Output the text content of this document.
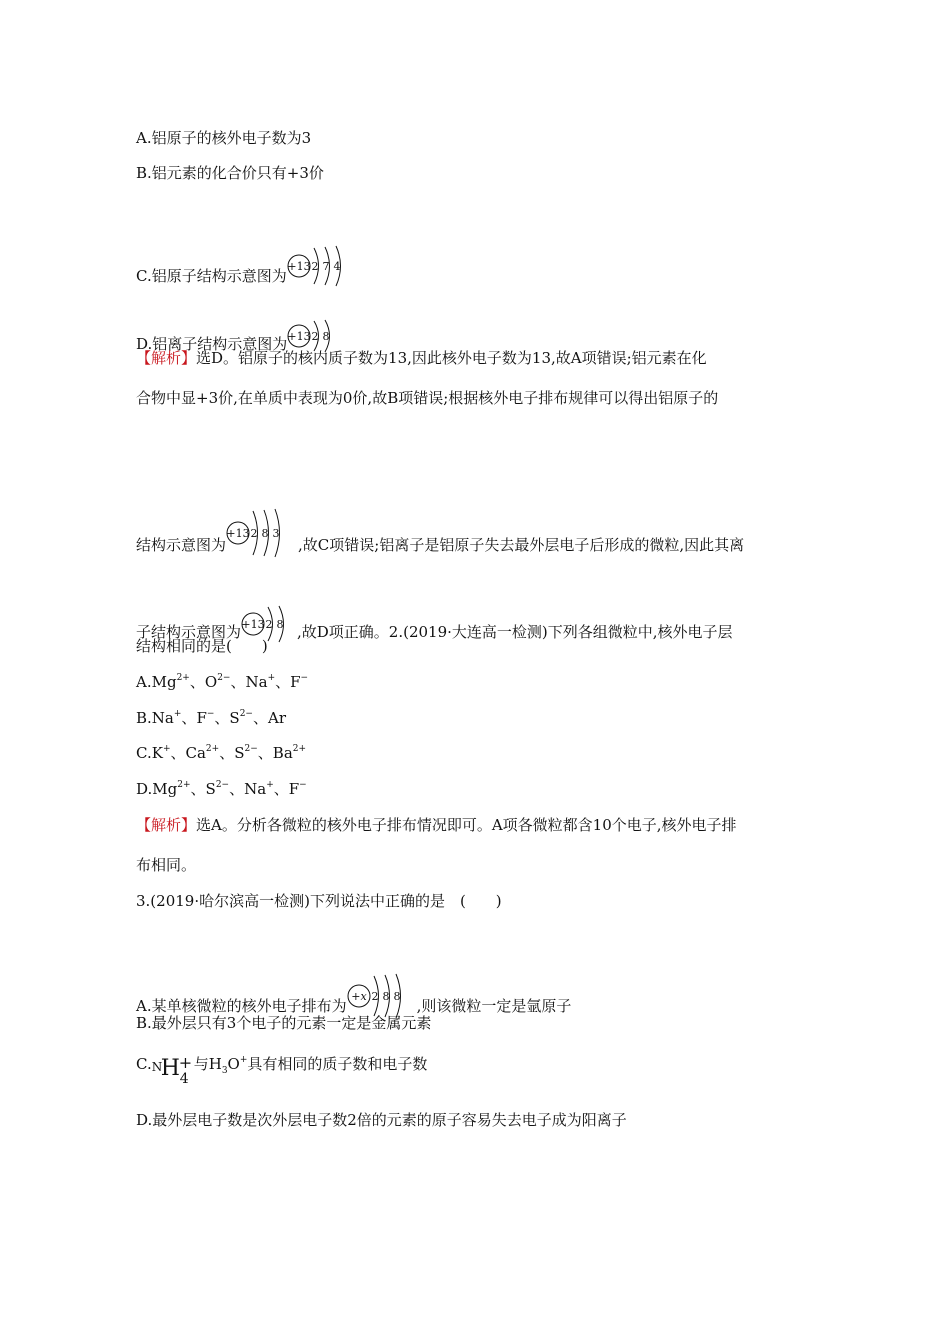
A.铝原子的核外电子数为3
B.铝元素的化合价只有+3价
C.铝原子结构示意图为
+13 2 7 4
D.铝离子结构示意图为 +13 2 8
【解析】选D。铝原子的核内质子数为13,因此核外电子数为13,故A项错误;铝元素在化
合物中显+3价,在单质中表现为0价,故B项错误;根据核外电子排布规律可以得出铝原子的
结构示意图为
+13 2 8 3
,故C项错误;铝离子是铝原子失去最外层电子后形成的微粒,因此其离
子结构示意图为 +13 2 8 ,故D项正确。2.(2019·大连高一检测)下列各组微粒中,核外电子层
结构相同的是(　　)
$A.Mg^{2+}$、$O^{2-}$、Na+、F−
B.Na+、F−、$S^{2-}$、Ar
C.K+、$Ca^{2+}$、$S^{2-}$、$Ba^{2+}$
$D.Mg^{2+}$、$S^{2-}$、Na+、F−
【解析】选A。分析各微粒的核外电子排布情况即可。A项各微粒都含10个电子,核外电子排
布相同。
3.(2019·哈尔滨高一检测)下列说法中正确的是　(　　)
A.某单核微粒的核外电子排布为
+x 2 8 8
,则该微粒一定是氩原子
B.最外层只有3个电子的元素一定是金属元素
C. N
H
+
4
与$H_3O^+$具有相同的质子数和电子数
D.最外层电子数是次外层电子数2倍的元素的原子容易失去电子成为阳离子
